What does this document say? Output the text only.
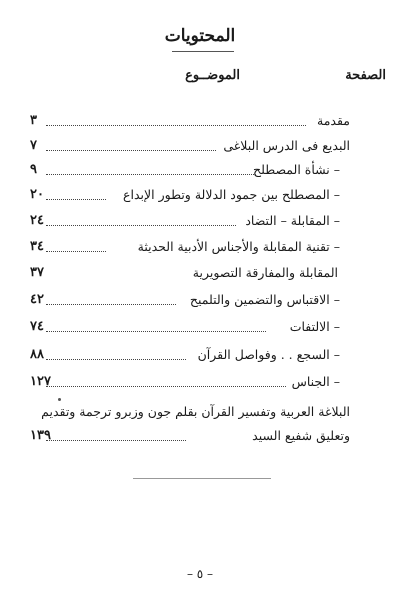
المحتويات
الصفحة
الموضــوع
مقدمة
٣
البديع فى الدرس البلاغى
٧
– نشأة المصطلح
٩
– المصطلح بين جمود الدلالة وتطور الإبداع
٢٠
– المقابلة – التضاد
٢٤
– تقنية المقابلة والأجناس الأدبية الحديثة
٣٤
المقابلة والمفارقة التصويرية
٣٧
– الاقتباس والتضمين والتلميح
٤٢
– الالتفات
٧٤
– السجع . . وفواصل القرآن
٨٨
– الجناس
١٢٧
البلاغة العربية وتفسير القرآن بقلم جون وزبرو ترجمة وتقديم
وتعليق شفيع السيد
١٣٩
– ٥ –
